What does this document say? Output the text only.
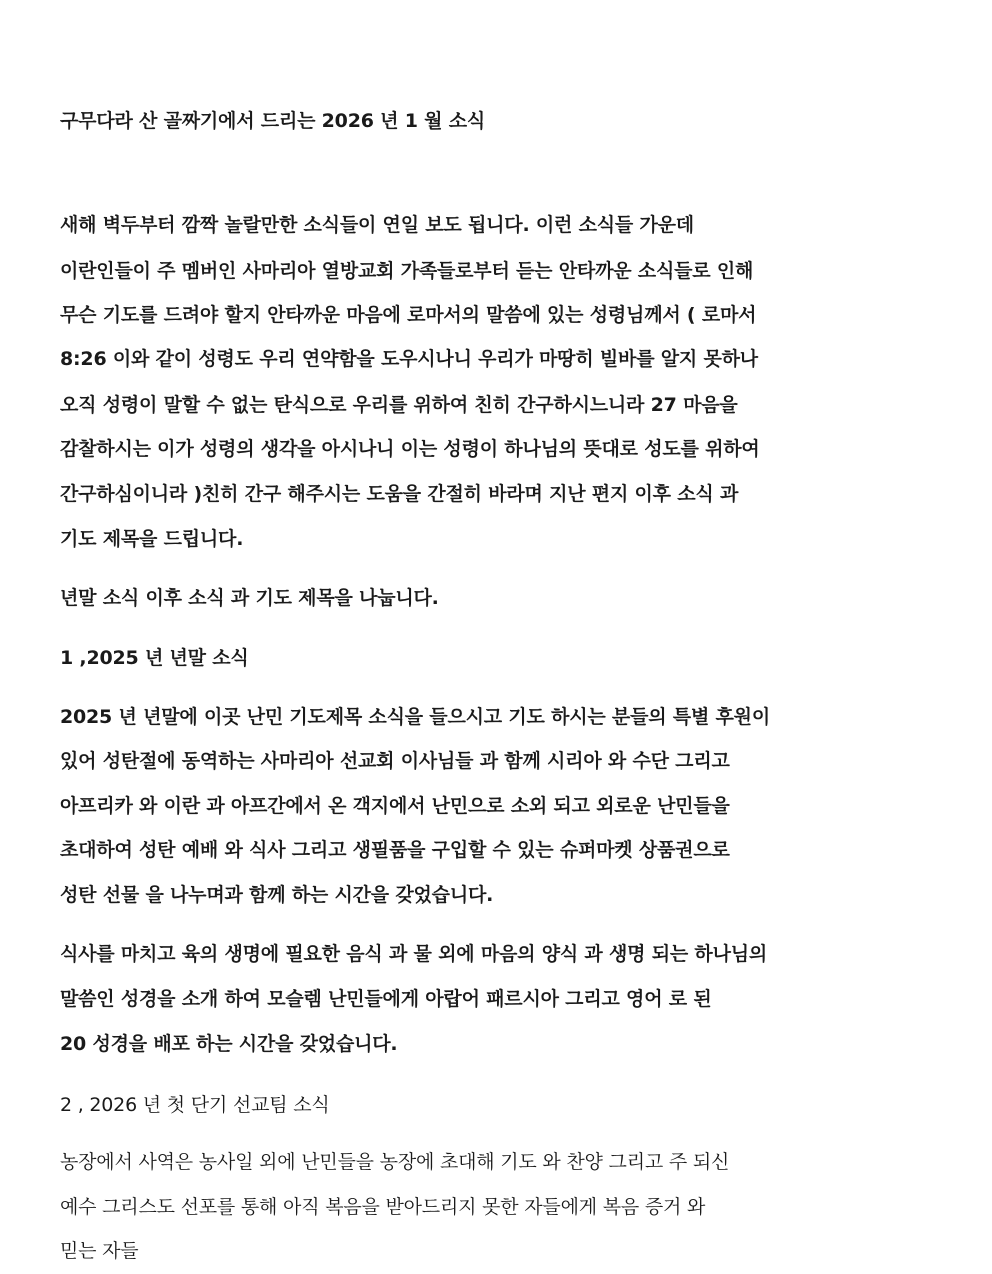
구무다라 산 골짜기에서 드리는 2026 년 1 월 소식
새해 벽두부터 깜짝 놀랄만한 소식들이 연일 보도 됩니다. 이런 소식들 가운데
이란인들이 주 멤버인 사마리아 열방교회 가족들로부터 듣는 안타까운 소식들로 인해
무슨 기도를 드려야 할지 안타까운 마음에 로마서의 말씀에 있는 성령님께서 ( 로마서
8:26 이와 같이 성령도 우리 연약함을 도우시나니 우리가 마땅히 빌바를 알지 못하나
오직 성령이 말할 수 없는 탄식으로 우리를 위하여 친히 간구하시느니라 27 마음을
감찰하시는 이가 성령의 생각을 아시나니 이는 성령이 하나님의 뜻대로 성도를 위하여
간구하심이니라 )친히 간구 해주시는 도움을 간절히 바라며 지난 편지 이후 소식 과
기도 제목을 드립니다.
년말 소식 이후 소식 과 기도 제목을 나눕니다.
1 ,2025 년 년말 소식
2025 년 년말에 이곳 난민 기도제목 소식을 들으시고 기도 하시는 분들의 특별 후원이
있어 성탄절에 동역하는 사마리아 선교회 이사님들 과 함께 시리아 와 수단 그리고
아프리카 와 이란 과 아프간에서 온 객지에서 난민으로 소외 되고 외로운 난민들을
초대하여 성탄 예배 와 식사 그리고 생필품을 구입할 수 있는 슈퍼마켓 상품권으로
성탄 선물 을 나누며과 함께 하는 시간을 갖었습니다.
식사를 마치고 육의 생명에 필요한 음식 과 물 외에 마음의 양식 과 생명 되는 하나님의
말씀인 성경을 소개 하여 모슬렘 난민들에게 아랍어 패르시아 그리고 영어 로 된
20 성경을 배포 하는 시간을 갖었습니다.
2 , 2026 년 첫 단기 선교팀 소식
농장에서 사역은 농사일 외에 난민들을 농장에 초대해 기도 와 찬양 그리고 주 되신
예수 그리스도 선포를 통해 아직 복음을 받아드리지 못한 자들에게 복음 증거 와
믿는 자들
